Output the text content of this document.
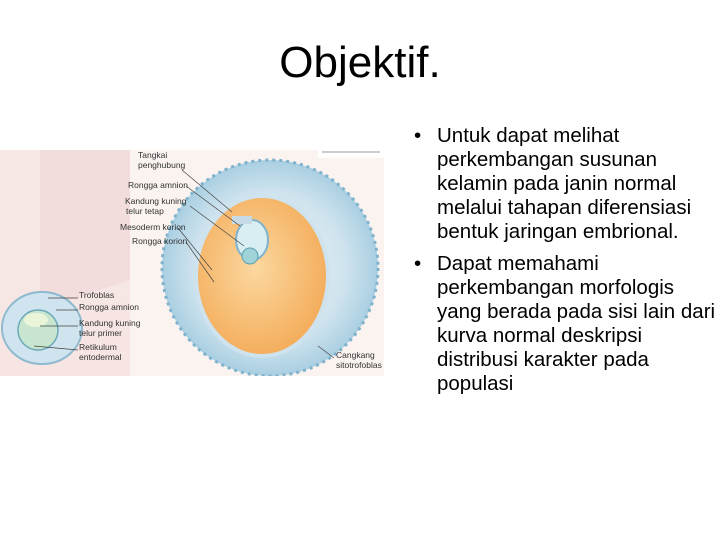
Objektif.
Tangkai
penghubung
Rongga amnion
Kandung kuning
telur tetap
Mesoderm korion
Rongga korion
Trofoblas
Rongga amnion
Kandung kuning
telur primer
Retikulum
entodermal	Cangkang
sitotrofoblas
• Untuk dapat melihat perkembangan susunan kelamin pada janin normal melalui tahapan diferensiasi bentuk jaringan embrional.
• Dapat memahami perkembangan morfologis yang berada pada sisi lain dari kurva normal deskripsi distribusi karakter pada populasi
